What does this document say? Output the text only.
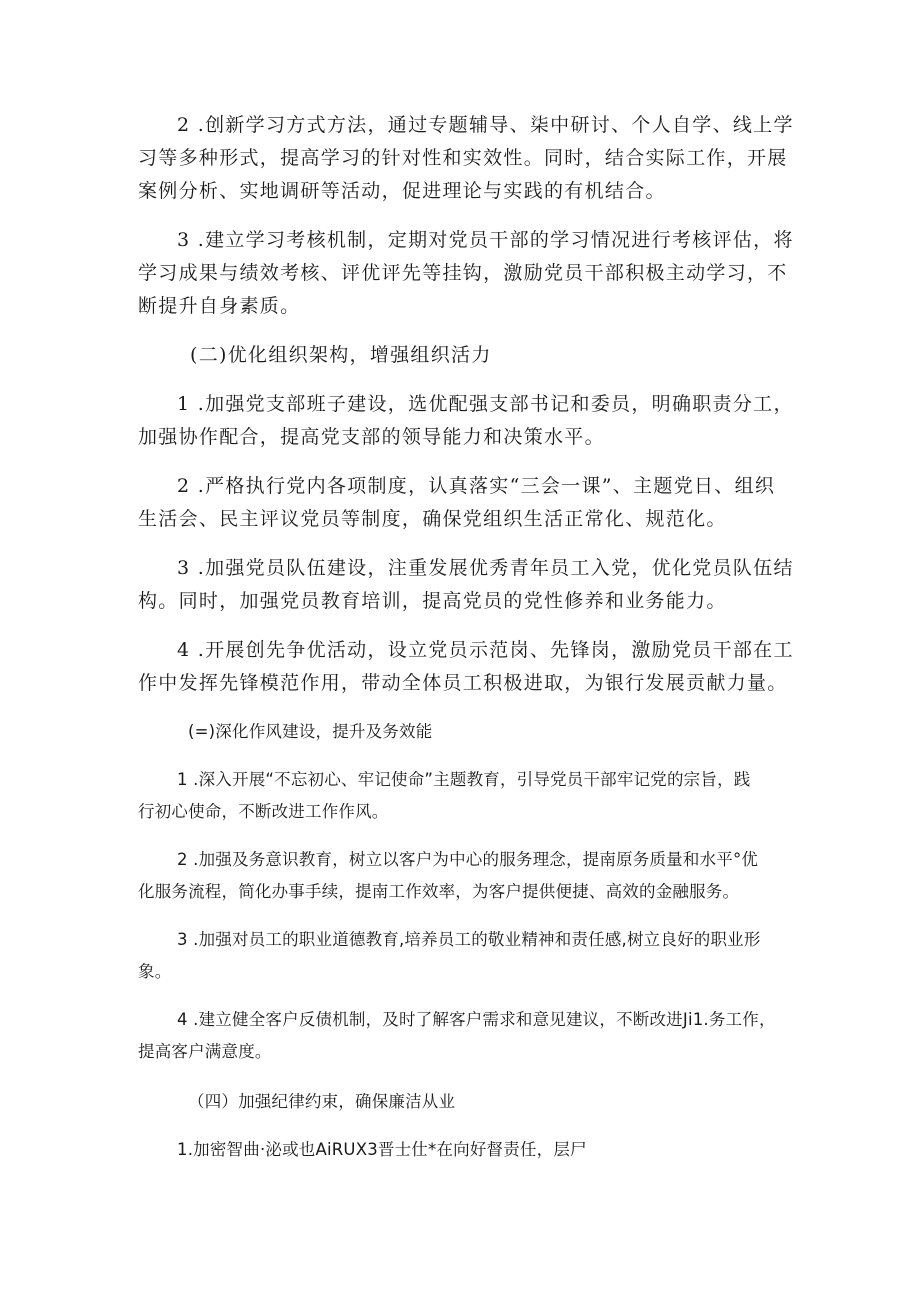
2 .创新学习方式方法，通过专题辅导、柒中研讨、个人自学、线上学
习等多种形式，提高学习的针对性和实效性。同时，结合实际工作，开展
案例分析、实地调研等活动，促进理论与实践的有机结合。
3 .建立学习考核机制，定期对党员干部的学习情况进行考核评估，将
学习成果与绩效考核、评优评先等挂钩，激励党员干部积极主动学习，不
断提升自身素质。
(二)优化组织架构，增强组织活力
1 .加强党支部班子建设，选优配强支部书记和委员，明确职责分工，
加强协作配合，提高党支部的领导能力和决策水平。
2 .严格执行党内各项制度，认真落实“三会一课”、主题党日、组织
生活会、民主评议党员等制度，确保党组织生活正常化、规范化。
3 .加强党员队伍建设，注重发展优秀青年员工入党，优化党员队伍结
构。同时，加强党员教育培训，提高党员的党性修养和业务能力。
4 .开展创先争优活动，设立党员示范岗、先锋岗，激励党员干部在工
作中发挥先锋模范作用，带动全体员工积极进取，为银行发展贡献力量。
(=)深化作风建设，提升及务效能
1 .深入开展“不忘初心、牢记使命”主题教育，引导党员干部牢记党的宗旨，践
行初心使命，不断改进工作作风。
2 .加强及务意识教育，树立以客户为中心的服务理念，提南原务质量和水平°优
化服务流程，简化办事手续，提南工作效率，为客户提供便捷、高效的金融服务。
3 .加强对员工的职业道德教育,培养员工的敬业精神和责任感,树立良好的职业形
象。
4 .建立健全客户反债机制，及时了解客户需求和意见建议，不断改进Ji1.务工作，
提高客户满意度。
（四）加强纪律约束，确保廉洁从业
1.加密智曲·泌或也AiRUX3晋士仕*在向好督责任，层尸
